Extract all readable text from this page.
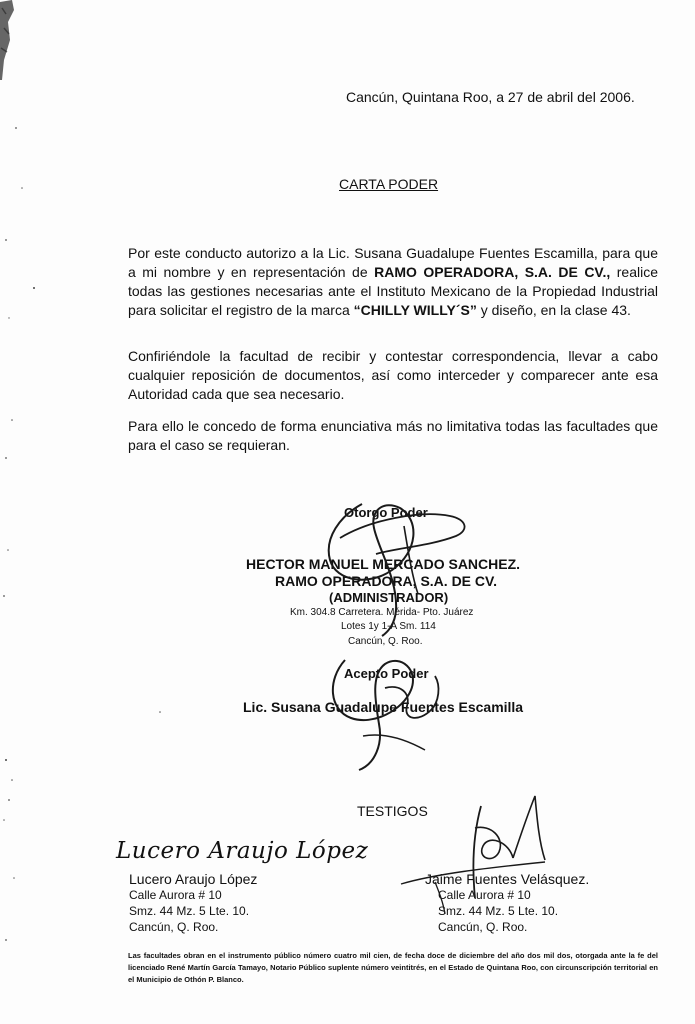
Cancún, Quintana Roo, a 27 de abril del 2006.
CARTA PODER
Por este conducto autorizo a la Lic. Susana Guadalupe Fuentes Escamilla, para que a mi nombre y en representación de RAMO OPERADORA, S.A. DE CV., realice todas las gestiones necesarias ante el Instituto Mexicano de la Propiedad Industrial para solicitar el registro de la marca “CHILLY WILLY´S” y diseño, en la clase 43.
Confiriéndole la facultad de recibir y contestar correspondencia, llevar a cabo cualquier reposición de documentos, así como interceder y comparecer ante esa Autoridad cada que sea necesario.
Para ello le concedo de forma enunciativa más no limitativa todas las facultades que para el caso se requieran.
Otorgo Poder
HECTOR MANUEL MERCADO SANCHEZ.
RAMO OPERADORA, S.A. DE CV.
(ADMINISTRADOR)
Km. 304.8 Carretera. Mérida- Pto. Juárez
Lotes 1y 1-A Sm. 114
Cancún, Q. Roo.
Acepto Poder
Lic. Susana Guadalupe Fuentes Escamilla
TESTIGOS
Lucero Araujo López
Lucero Araujo López
Calle Aurora # 10
Smz. 44 Mz. 5 Lte. 10.
Cancún, Q. Roo.
Jaime Fuentes Velásquez.
Calle Aurora # 10
Smz. 44 Mz. 5 Lte. 10.
Cancún, Q. Roo.
Las facultades obran en el instrumento público número cuatro mil cien, de fecha doce de diciembre del año dos mil dos, otorgada ante la fe del licenciado René Martín García Tamayo, Notario Público suplente número veintitrés, en el Estado de Quintana Roo, con circunscripción territorial en el Municipio de Othón P. Blanco.
